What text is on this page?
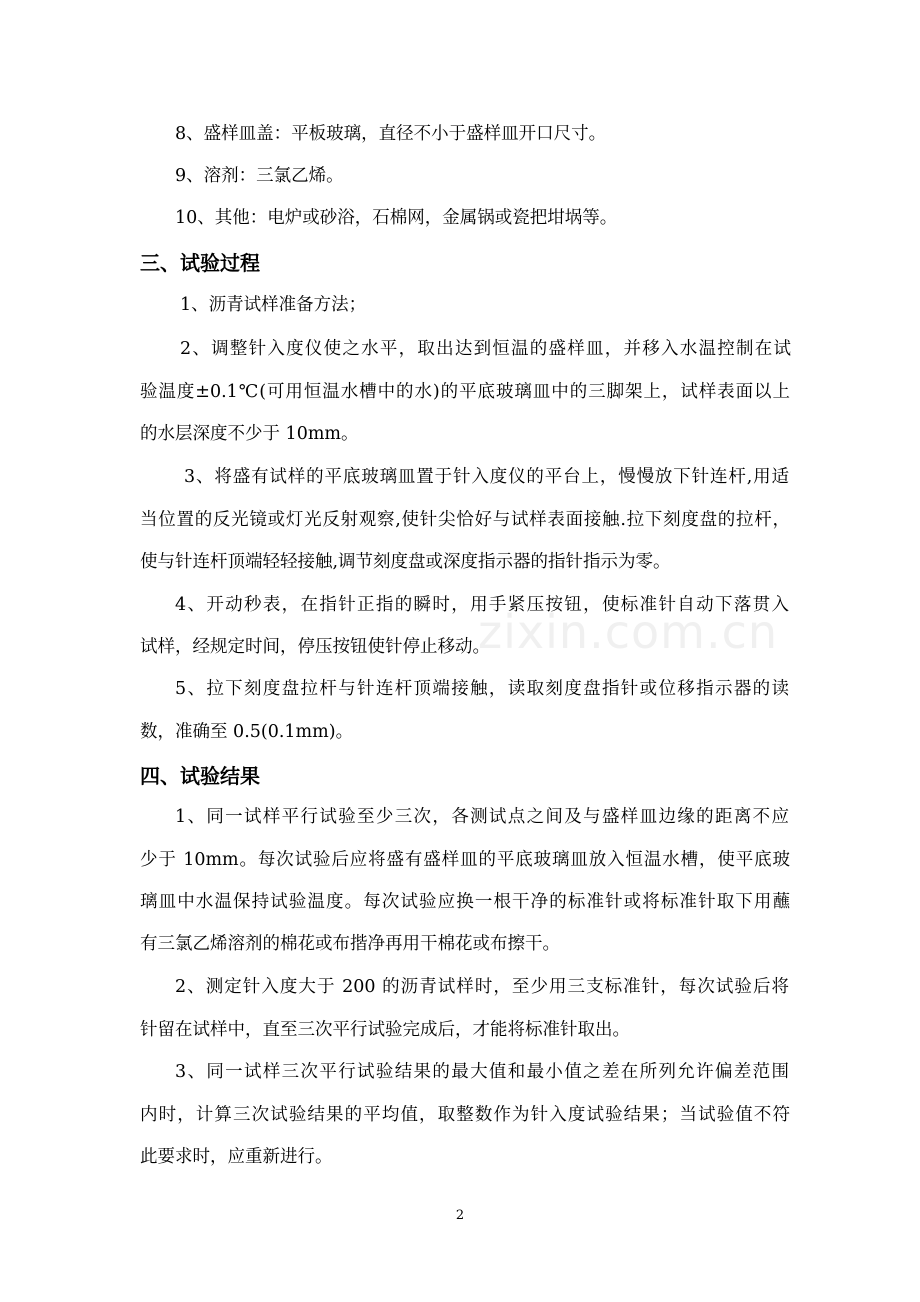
zixin.com.cn
8、盛样皿盖：平板玻璃，直径不小于盛样皿开口尺寸。
9、溶剂：三氯乙烯。
10、其他：电炉或砂浴，石棉网，金属锅或瓷把坩埚等。
三、试验过程
1、沥青试样准备方法；
2、调整针入度仪使之水平，取出达到恒温的盛样皿，并移入水温控制在试
验温度±0.1℃(可用恒温水槽中的水)的平底玻璃皿中的三脚架上，试样表面以上
的水层深度不少于 10mm。
3、将盛有试样的平底玻璃皿置于针入度仪的平台上，慢慢放下针连杆,用适
当位置的反光镜或灯光反射观察,使针尖恰好与试样表面接触.拉下刻度盘的拉杆，
使与针连杆顶端轻轻接触,调节刻度盘或深度指示器的指针指示为零。
4、开动秒表，在指针正指的瞬时，用手紧压按钮，使标准针自动下落贯入
试样，经规定时间，停压按钮使针停止移动。
5、拉下刻度盘拉杆与针连杆顶端接触，读取刻度盘指针或位移指示器的读
数，准确至 0.5(0.1mm)。
四、试验结果
1、同一试样平行试验至少三次，各测试点之间及与盛样皿边缘的距离不应
少于 10mm。每次试验后应将盛有盛样皿的平底玻璃皿放入恒温水槽，使平底玻
璃皿中水温保持试验温度。每次试验应换一根干净的标准针或将标准针取下用蘸
有三氯乙烯溶剂的棉花或布揩净再用干棉花或布擦干。
2、测定针入度大于 200 的沥青试样时，至少用三支标准针，每次试验后将
针留在试样中，直至三次平行试验完成后，才能将标准针取出。
3、同一试样三次平行试验结果的最大值和最小值之差在所列允许偏差范围
内时，计算三次试验结果的平均值，取整数作为针入度试验结果；当试验值不符
此要求时，应重新进行。
2
